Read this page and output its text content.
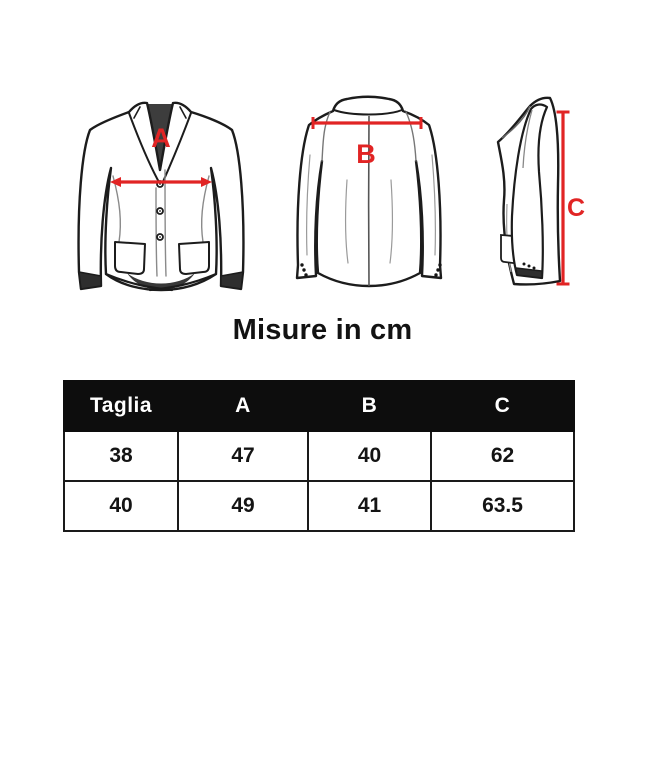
A
B
C
Misure in cm
Taglia	A	B	C
38	47	40	62
40	49	41	63.5
